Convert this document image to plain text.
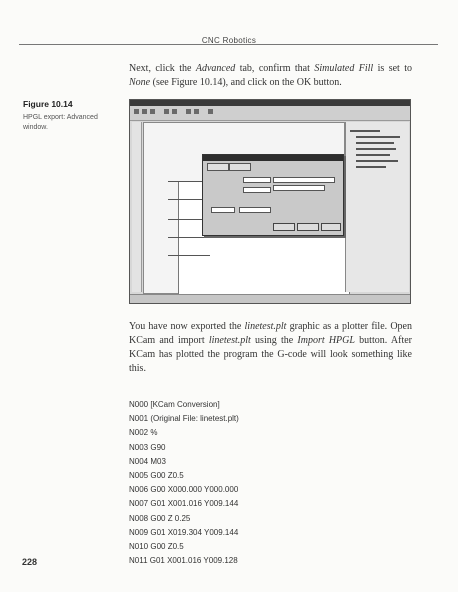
CNC Robotics

Next, click the Advanced tab, confirm that Simulated Fill is set to None (see Figure 10.14), and click on the OK button.

Figure 10.14
HPGL export: Advanced window.

You have now exported the linetest.plt graphic as a plotter file. Open KCam and import linetest.plt using the Import HPGL button. After KCam has plotted the program the G-code will look something like this.

N000 [KCam Conversion]
N001 (Original File: linetest.plt)
N002 %
N003 G90
N004 M03
N005 G00 Z0.5
N006 G00 X000.000 Y000.000
N007 G01 X001.016 Y009.144
N008 G00 Z 0.25
N009 G01 X019.304 Y009.144
N010 G00 Z0.5
N011 G01 X001.016 Y009.128
228
